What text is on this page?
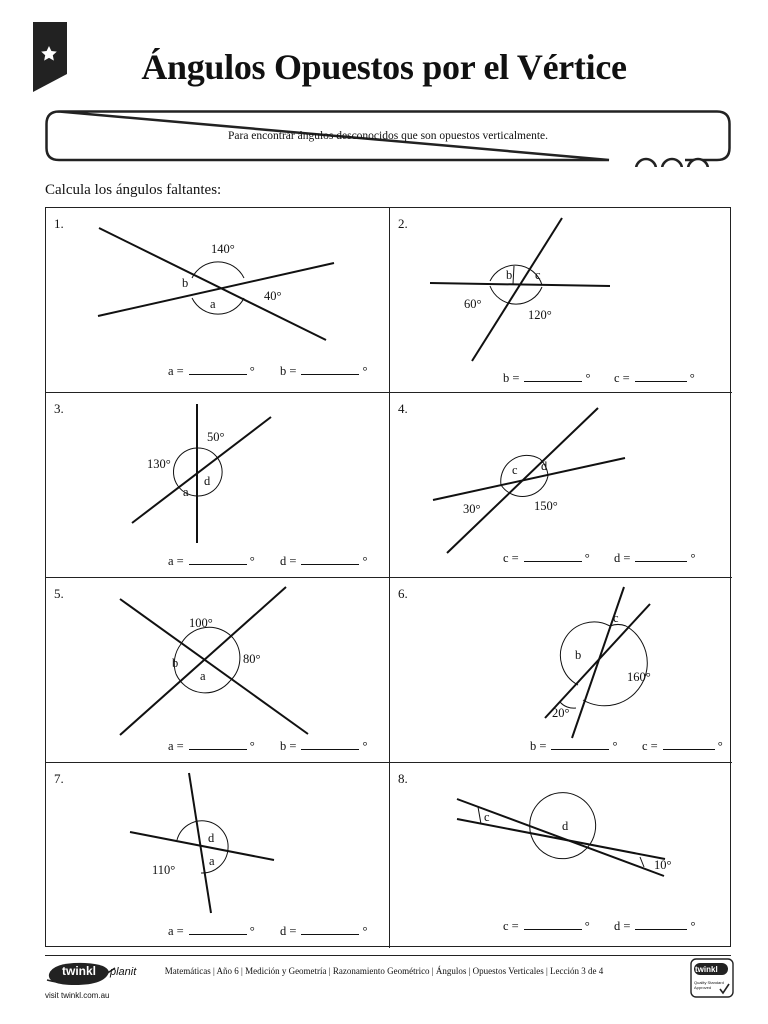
Ángulos Opuestos por el Vértice
Para encontrar ángulos desconocidos que son opuestos verticalmente.
Calcula los ángulos faltantes:
1.
140°
40°
a
b
a =	° b =	°
2.
b c
60°
120°
b =	° c =	°
3.
50°
130°
a
d
a =	° d =	°
4.
c d
30°	150°
c =	° d =	°
5.
100°
80°
a
b
a =	° b =	°
6.
c
b
160°
20°
b =	° c =	°
7.
d
a
110°
a =	° d =	°
8.
c
d
10°
c =	° d =	°
twinkl planit
visit twinkl.com.au
Matemáticas | Año 6 | Medición y Geometría | Razonamiento Geométrico | Ángulos | Opuestos Verticales | Lección 3 de 4	twinkl
Quality Standard Approved
